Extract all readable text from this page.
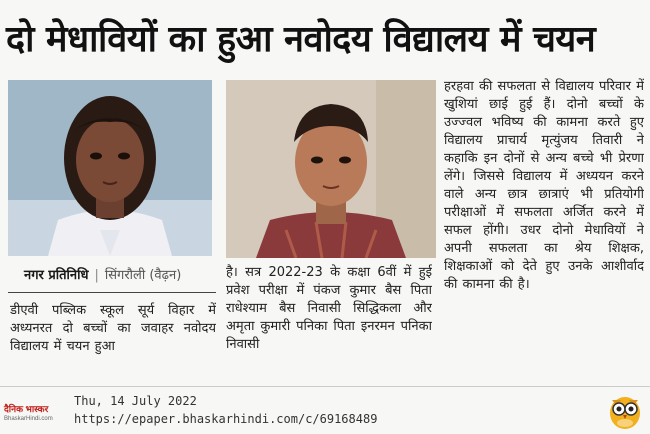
दो मेधावियों का हुआ नवोदय विद्यालय में चयन
नगर प्रतिनिधि | सिंगरौली (वैढ़न)
डीएवी पब्लिक स्कूल सूर्य विहार में अध्यनरत दो बच्चों का जवाहर नवोदय विद्यालय में चयन हुआ
है। सत्र 2022-23 के कक्षा 6वीं में हुई प्रवेश परीक्षा में पंकज कुमार बैस पिता राधेश्याम बैस निवासी सिद्धिकला और अमृता कुमारी पनिका पिता इनरमन पनिका निवासी
हरहवा की सफलता से विद्यालय परिवार में खुशियां छाई हुई हैं। दोनो बच्चों के उज्ज्वल भविष्य की कामना करते हुए विद्यालय प्राचार्य मृत्युंजय तिवारी ने कहाकि इन दोनों से अन्य बच्चे भी प्रेरणा लेंगे। जिससे विद्यालय में अध्ययन करने वाले अन्य छात्र छात्राएं भी प्रतियोगी परीक्षाओं में सफलता अर्जित करने में सफल होंगी। उधर दोनो मेधावियों ने अपनी सफलता का श्रेय शिक्षक, शिक्षकाओं को देते हुए उनके आशीर्वाद की कामना की है।
दैनिक भास्कर
BhaskarHindi.com
Thu, 14 July 2022
https://epaper.bhaskarhindi.com/c/69168489
